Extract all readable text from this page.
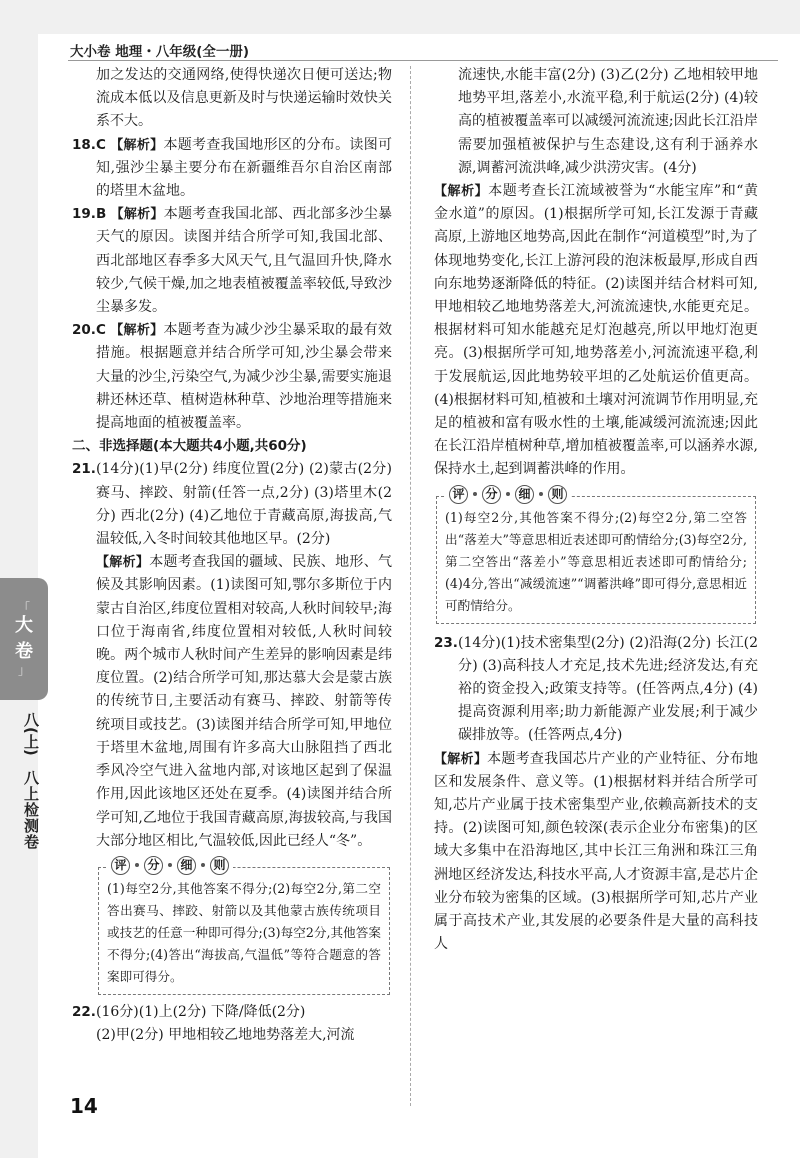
大小卷 地理・八年级(全一册)
「
大
卷
」
八(上)
八上检测卷

加之发达的交通网络,使得快递次日便可送达;物流成本低以及信息更新及时与快递运输时效快关系不大。

18. C 【解析】本题考查我国地形区的分布。读图可知,强沙尘暴主要分布在新疆维吾尔自治区南部的塔里木盆地。
19. B 【解析】本题考查我国北部、西北部多沙尘暴天气的原因。读图并结合所学可知,我国北部、西北部地区春季多大风天气,且气温回升快,降水较少,气候干燥,加之地表植被覆盖率较低,导致沙尘暴多发。
20. C 【解析】本题考查为减少沙尘暴采取的最有效措施。根据题意并结合所学可知,沙尘暴会带来大量的沙尘,污染空气,为减少沙尘暴,需要实施退耕还林还草、植树造林种草、沙地治理等措施来提高地面的植被覆盖率。

二、非选择题(本大题共4小题,共60分)

21. (14分)(1)早(2分) 纬度位置(2分) (2)蒙古(2分) 赛马、摔跤、射箭(任答一点,2分) (3)塔里木(2分) 西北(2分) (4)乙地位于青藏高原,海拔高,气温较低,入冬时间较其他地区早。(2分)

【解析】本题考查我国的疆域、民族、地形、气候及其影响因素。(1)读图可知,鄂尔多斯位于内蒙古自治区,纬度位置相对较高,人秋时间较早;海口位于海南省,纬度位置相对较低,人秋时间较晚。两个城市人秋时间产生差异的影响因素是纬度位置。(2)结合所学可知,那达慕大会是蒙古族的传统节日,主要活动有赛马、摔跤、射箭等传统项目或技艺。(3)读图并结合所学可知,甲地位于塔里木盆地,周围有许多高大山脉阻挡了西北季风冷空气进入盆地内部,对该地区起到了保温作用,因此该地区还处在夏季。(4)读图并结合所学可知,乙地位于我国青藏高原,海拔较高,与我国大部分地区相比,气温较低,因此已经人“冬”。

评 分 细 则
(1)每空2分,其他答案不得分;(2)每空2分,第二空答出赛马、摔跤、射箭以及其他蒙古族传统项目或技艺的任意一种即可得分;(3)每空2分,其他答案不得分;(4)答出“海拔高,气温低”等符合题意的答案即可得分。
22. (16分)(1)上(2分) 下降/降低(2分)

(2)甲(2分) 甲地相较乙地地势落差大,河流

流速快,水能丰富(2分) (3)乙(2分) 乙地相较甲地地势平坦,落差小,水流平稳,利于航运(2分) (4)较高的植被覆盖率可以减缓河流流速;因此长江沿岸需要加强植被保护与生态建设,这有利于涵养水源,调蓄河流洪峰,减少洪涝灾害。(4分)

【解析】本题考查长江流域被誉为“水能宝库”和“黄金水道”的原因。(1)根据所学可知,长江发源于青藏高原,上游地区地势高,因此在制作“河道模型”时,为了体现地势变化,长江上游河段的泡沫板最厚,形成自西向东地势逐渐降低的特征。(2)读图并结合材料可知,甲地相较乙地地势落差大,河流流速快,水能更充足。根据材料可知水能越充足灯泡越亮,所以甲地灯泡更亮。(3)根据所学可知,地势落差小,河流流速平稳,利于发展航运,因此地势较平坦的乙处航运价值更高。(4)根据材料可知,植被和土壤对河流调节作用明显,充足的植被和富有吸水性的土壤,能减缓河流流速;因此在长江沿岸植树种草,增加植被覆盖率,可以涵养水源,保持水土,起到调蓄洪峰的作用。

评 分 细 则
(1)每空2分,其他答案不得分;(2)每空2分,第二空答出“落差大”等意思相近表述即可酌情给分;(3)每空2分,第二空答出“落差小”等意思相近表述即可酌情给分;(4)4分,答出“减缓流速”“调蓄洪峰”即可得分,意思相近可酌情给分。
23. (14分)(1)技术密集型(2分) (2)沿海(2分) 长江(2分) (3)高科技人才充足,技术先进;经济发达,有充裕的资金投入;政策支持等。(任答两点,4分) (4)提高资源利用率;助力新能源产业发展;利于减少碳排放等。(任答两点,4分)

【解析】本题考查我国芯片产业的产业特征、分布地区和发展条件、意义等。(1)根据材料并结合所学可知,芯片产业属于技术密集型产业,依赖高新技术的支持。(2)读图可知,颜色较深(表示企业分布密集)的区域大多集中在沿海地区,其中长江三角洲和珠江三角洲地区经济发达,科技水平高,人才资源丰富,是芯片企业分布较为密集的区域。(3)根据所学可知,芯片产业属于高技术产业,其发展的必要条件是大量的高科技人

14
